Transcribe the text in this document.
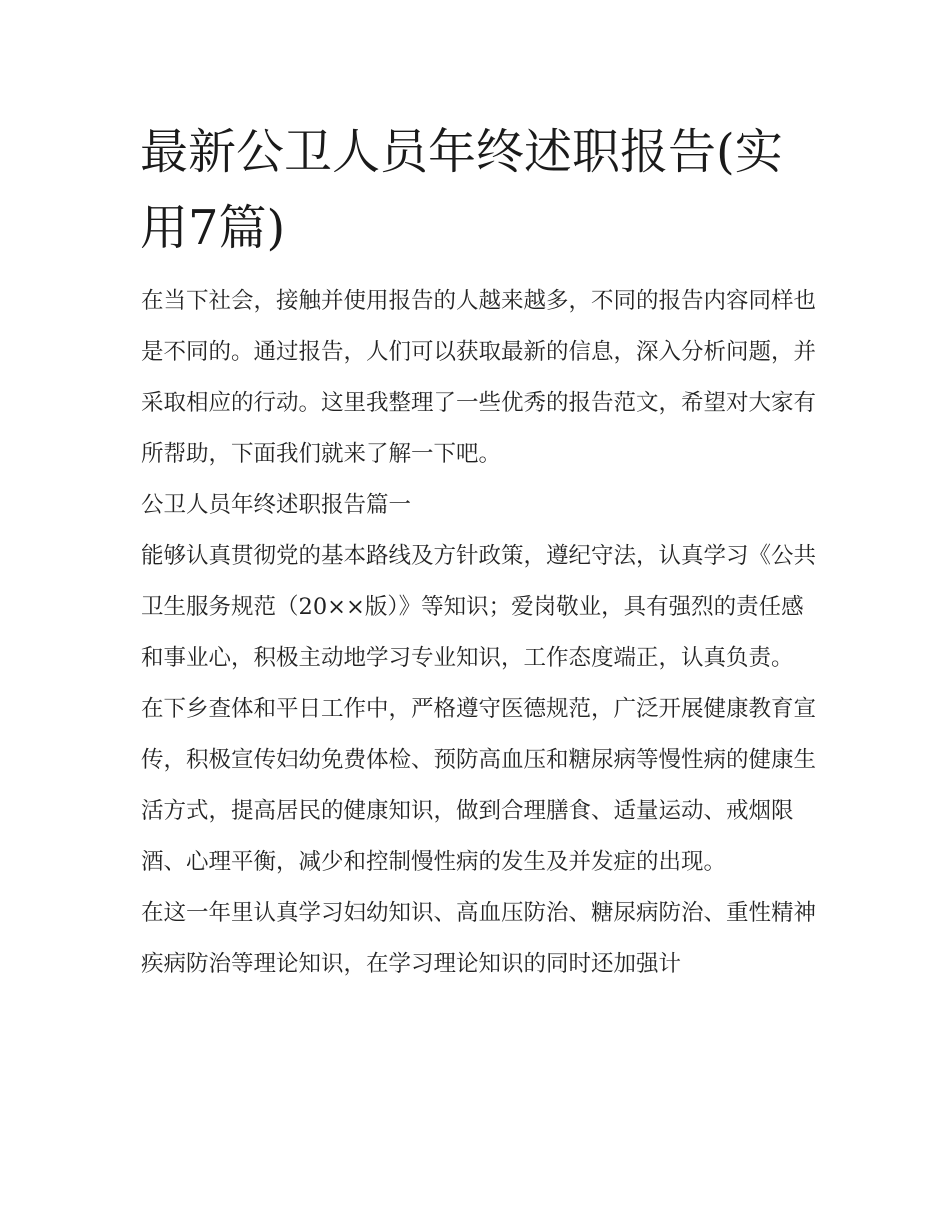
最新公卫人员年终述职报告(实用7篇)

在当下社会，接触并使用报告的人越来越多，不同的报告内容同样也是不同的。通过报告，人们可以获取最新的信息，深入分析问题，并采取相应的行动。这里我整理了一些优秀的报告范文，希望对大家有所帮助，下面我们就来了解一下吧。

公卫人员年终述职报告篇一

能够认真贯彻党的基本路线及方针政策，遵纪守法，认真学习《公共卫生服务规范（20××版）》等知识；爱岗敬业，具有强烈的责任感和事业心，积极主动地学习专业知识，工作态度端正，认真负责。

在下乡查体和平日工作中，严格遵守医德规范，广泛开展健康教育宣传，积极宣传妇幼免费体检、预防高血压和糖尿病等慢性病的健康生活方式，提高居民的健康知识，做到合理膳食、适量运动、戒烟限酒、心理平衡，减少和控制慢性病的发生及并发症的出现。

在这一年里认真学习妇幼知识、高血压防治、糖尿病防治、重性精神疾病防治等理论知识，在学习理论知识的同时还加强计
